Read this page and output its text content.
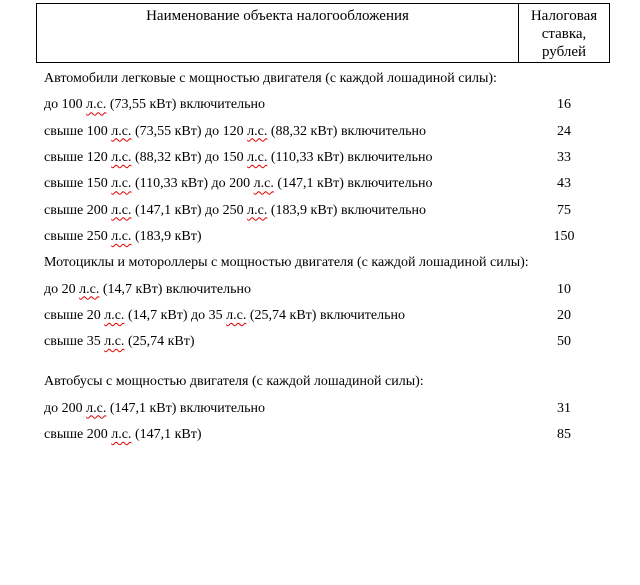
Наименование объекта налогообложения	Налоговая ставка, рублей
Автомобили легковые с мощностью двигателя (с каждой лошадиной силы):
до 100 л.с. (73,55 кВт) включительно	16
свыше 100 л.с. (73,55 кВт) до 120 л.с. (88,32 кВт) включительно	24
свыше 120 л.с. (88,32 кВт) до 150 л.с. (110,33 кВт) включительно	33
свыше 150 л.с. (110,33 кВт) до 200 л.с. (147,1 кВт) включительно	43
свыше 200 л.с. (147,1 кВт) до 250 л.с. (183,9 кВт) включительно	75
свыше 250 л.с. (183,9 кВт)	150
Мотоциклы и мотороллеры с мощностью двигателя (с каждой лошадиной силы):
до 20 л.с. (14,7 кВт) включительно	10
свыше 20 л.с. (14,7 кВт) до 35 л.с. (25,74 кВт) включительно	20
свыше 35 л.с. (25,74 кВт)	50
Автобусы с мощностью двигателя (с каждой лошадиной силы):
до 200 л.с. (147,1 кВт) включительно	31
свыше 200 л.с. (147,1 кВт)	85
